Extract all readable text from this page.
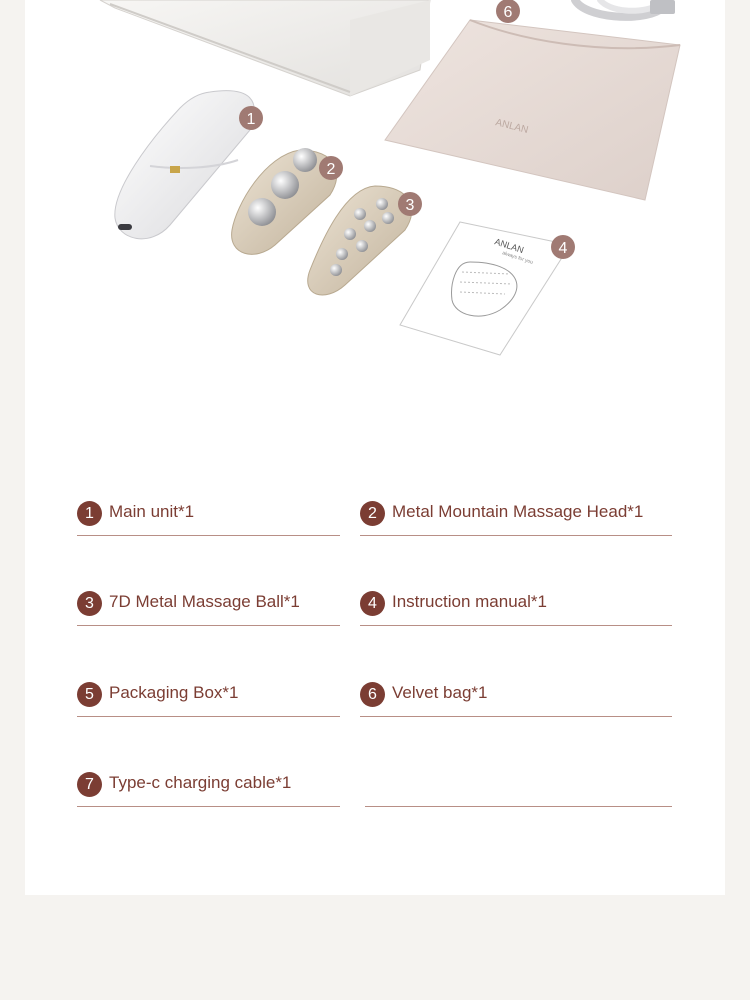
ANLAN
ANLAN
always for you
1
2
3
4
6
1 Main unit*1	2 Metal Mountain Massage Head*1
3 7D Metal Massage Ball*1	4 Instruction manual*1
5 Packaging Box*1	6 Velvet bag*1
7 Type-c charging cable*1
